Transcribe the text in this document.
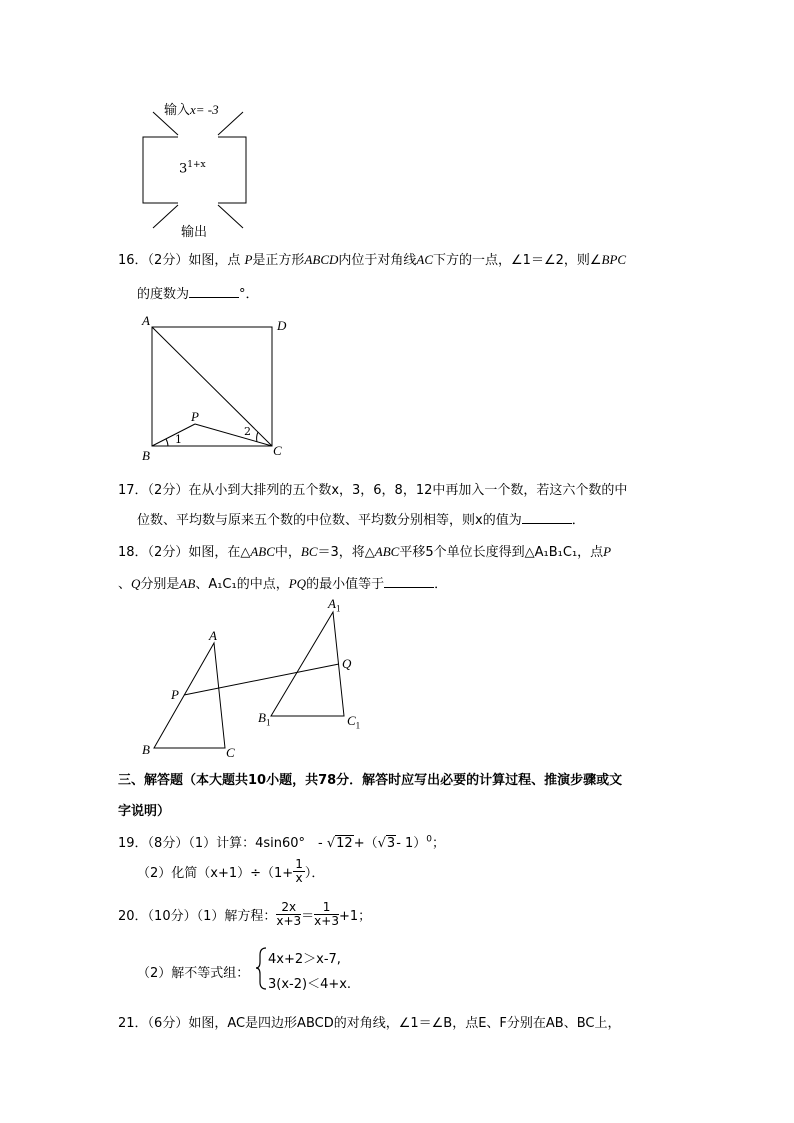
输入x= -3
$3^{1+x}$
输出
16．（2分）如图，点 P是正方形ABCD内位于对角线AC下方的一点，∠1＝∠2，则∠BPC
的度数为	°．
A	D
B	C
P
1
2
17．（2分）在从小到大排列的五个数x，3，6，8，12中再加入一个数，若这六个数的中
位数、平均数与原来五个数的中位数、平均数分别相等，则x的值为	．
18．（2分）如图，在△ABC中，BC＝3，将△ABC平移5个单位长度得到△A₁B₁C₁，点P
、Q分别是AB、A₁C₁的中点，PQ的最小值等于	．
A
P
B	C
$A_1$
Q
$B_1$	$C_1$
三、解答题（本大题共10小题，共78分．解答时应写出必要的计算过程、推演步骤或文
字说明）
19．（8分）（1）计算：4sin60°　- √12+（√3- 1）$^0$；
（2）化简$(x+1)\div(1+ \frac{1}{x}$ ）．
20．（10分）（1）解方程： $\frac{2x}{x+3} = \frac{1}{x+3} +1$；
（2）解不等式组：
4x+2＞x-7,
3(x-2)＜4+x.
21．（6分）如图，AC是四边形ABCD的对角线，∠1＝∠B，点E、F分别在AB、BC上，
